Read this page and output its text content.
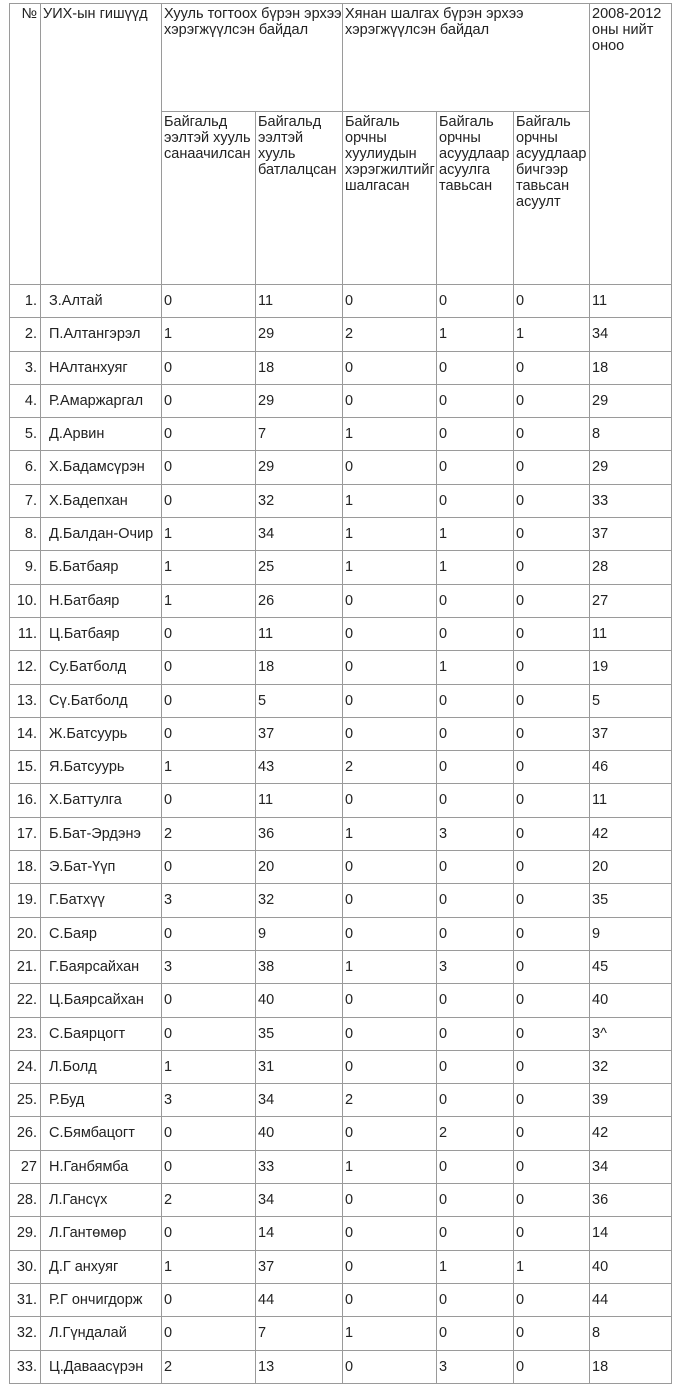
№	УИХ-ын гишүүд	Хууль тогтоох бүрэн эрхээ хэрэгжүүлсэн байдал		Хянан шалгах бүрэн эрхээ хэрэгжүүлсэн байдал			2008-2012 оны нийт оноо
		Байгальд ээлтэй хууль санаачилсан	Байгальд ээлтэй хууль батлалцсан	Байгаль орчны хуулиудын хэрэгжилтийг шалгасан	Байгаль орчны асуудлаар асуулга тавьсан	Байгаль орчны асуудлаар бичгээр тавьсан асуулт	
1.	З.Алтай	0	11	0	0	0	11
2.	П.Алтангэрэл	1	29	2	1	1	34
3.	НАлтанхуяг	0	18	0	0	0	18
4.	Р.Амаржаргал	0	29	0	0	0	29
5.	Д.Арвин	0	7	1	0	0	8
6.	Х.Бадамсүрэн	0	29	0	0	0	29
7.	Х.Бадепхан	0	32	1	0	0	33
8.	Д.Балдан-Очир	1	34	1	1	0	37
9.	Б.Батбаяр	1	25	1	1	0	28
10.	Н.Батбаяр	1	26	0	0	0	27
11.	Ц.Батбаяр	0	11	0	0	0	11
12.	Су.Батболд	0	18	0	1	0	19
13.	Сү.Батболд	0	5	0	0	0	5
14.	Ж.Батсуурь	0	37	0	0	0	37
15.	Я.Батсуурь	1	43	2	0	0	46
16.	Х.Баттулга	0	11	0	0	0	11
17.	Б.Бат-Эрдэнэ	2	36	1	3	0	42
18.	Э.Бат-Үүп	0	20	0	0	0	20
19.	Г.Батхүү	3	32	0	0	0	35
20.	С.Баяр	0	9	0	0	0	9
21.	Г.Баярсайхан	3	38	1	3	0	45
22.	Ц.Баярсайхан	0	40	0	0	0	40
23.	С.Баярцогт	0	35	0	0	0	3^
24.	Л.Болд	1	31	0	0	0	32
25.	Р.Буд	3	34	2	0	0	39
26.	С.Бямбацогт	0	40	0	2	0	42
27	Н.Ганбямба	0	33	1	0	0	34
28.	Л.Гансүх	2	34	0	0	0	36
29.	Л.Гантөмөр	0	14	0	0	0	14
30.	Д.Г анхуяг	1	37	0	1	1	40
31.	Р.Г ончигдорж	0	44	0	0	0	44
32.	Л.Гүндалай	0	7	1	0	0	8
33.	Ц.Даваасүрэн	2	13	0	3	0	18
